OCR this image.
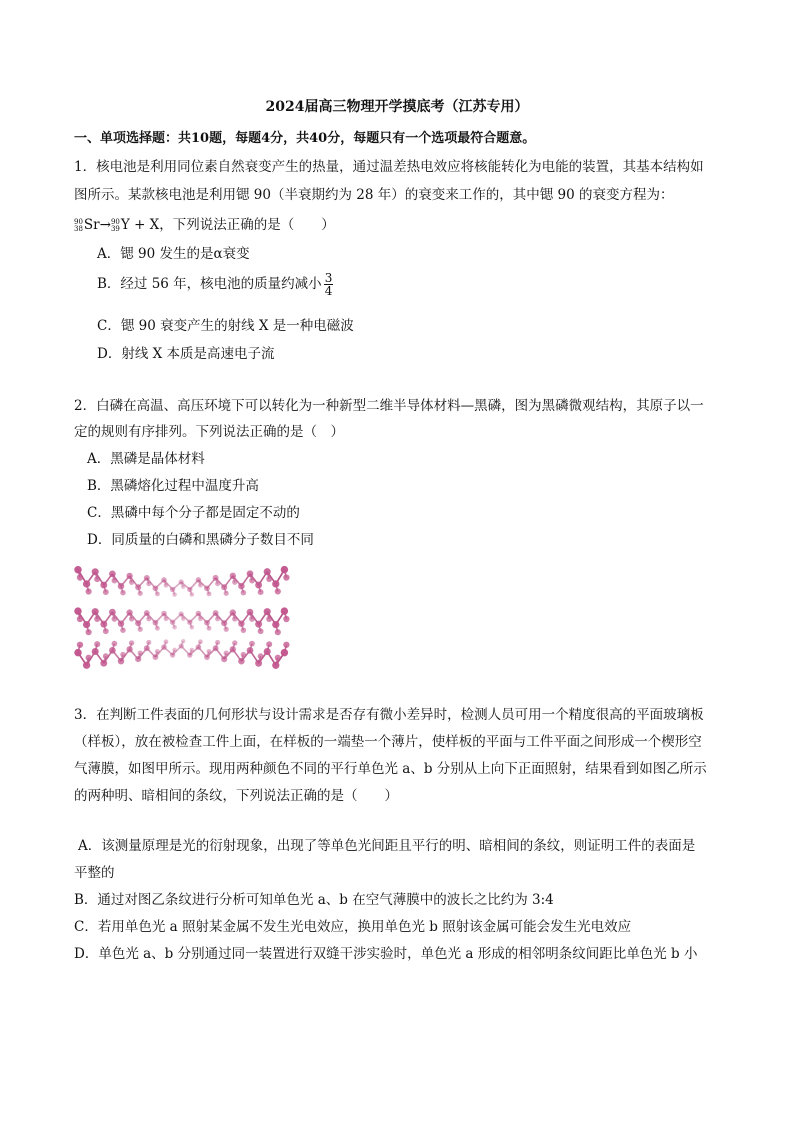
2024届高三物理开学摸底考（江苏专用）
一、单项选择题：共10题，每题4分，共40分，每题只有一个选项最符合题意。
1．核电池是利用同位素自然衰变产生的热量，通过温差热电效应将核能转化为电能的装置，其基本结构如
图所示。某款核电池是利用锶 90（半衰期约为 28 年）的衰变来工作的，其中锶 90 的衰变方程为：
90
38 Sr→ 90
39 Y + X，下列说法正确的是（　　）
A．锶 90 发生的是α衰变
B．经过 56 年，核电池的质量约减小 $\frac{3}{4}$
C．锶 90 衰变产生的射线 X 是一种电磁波
D．射线 X 本质是高速电子流
2．白磷在高温、高压环境下可以转化为一种新型二维半导体材料—黑磷，图为黑磷微观结构，其原子以一
定的规则有序排列。下列说法正确的是（　）
A．黑磷是晶体材料
B．黑磷熔化过程中温度升高
C．黑磷中每个分子都是固定不动的
D．同质量的白磷和黑磷分子数目不同
3．在判断工件表面的几何形状与设计需求是否存有微小差异时，检测人员可用一个精度很高的平面玻璃板
（样板），放在被检查工件上面，在样板的一端垫一个薄片，使样板的平面与工件平面之间形成一个楔形空
气薄膜，如图甲所示。现用两种颜色不同的平行单色光 a、b 分别从上向下正面照射，结果看到如图乙所示
的两种明、暗相间的条纹，下列说法正确的是（　　）
A．该测量原理是光的衍射现象，出现了等单色光间距且平行的明、暗相间的条纹，则证明工件的表面是
平整的
B．通过对图乙条纹进行分析可知单色光 a、b 在空气薄膜中的波长之比约为 3:4
C．若用单色光 a 照射某金属不发生光电效应，换用单色光 b 照射该金属可能会发生光电效应
D．单色光 a、b 分别通过同一装置进行双缝干涉实验时，单色光 a 形成的相邻明条纹间距比单色光 b 小
